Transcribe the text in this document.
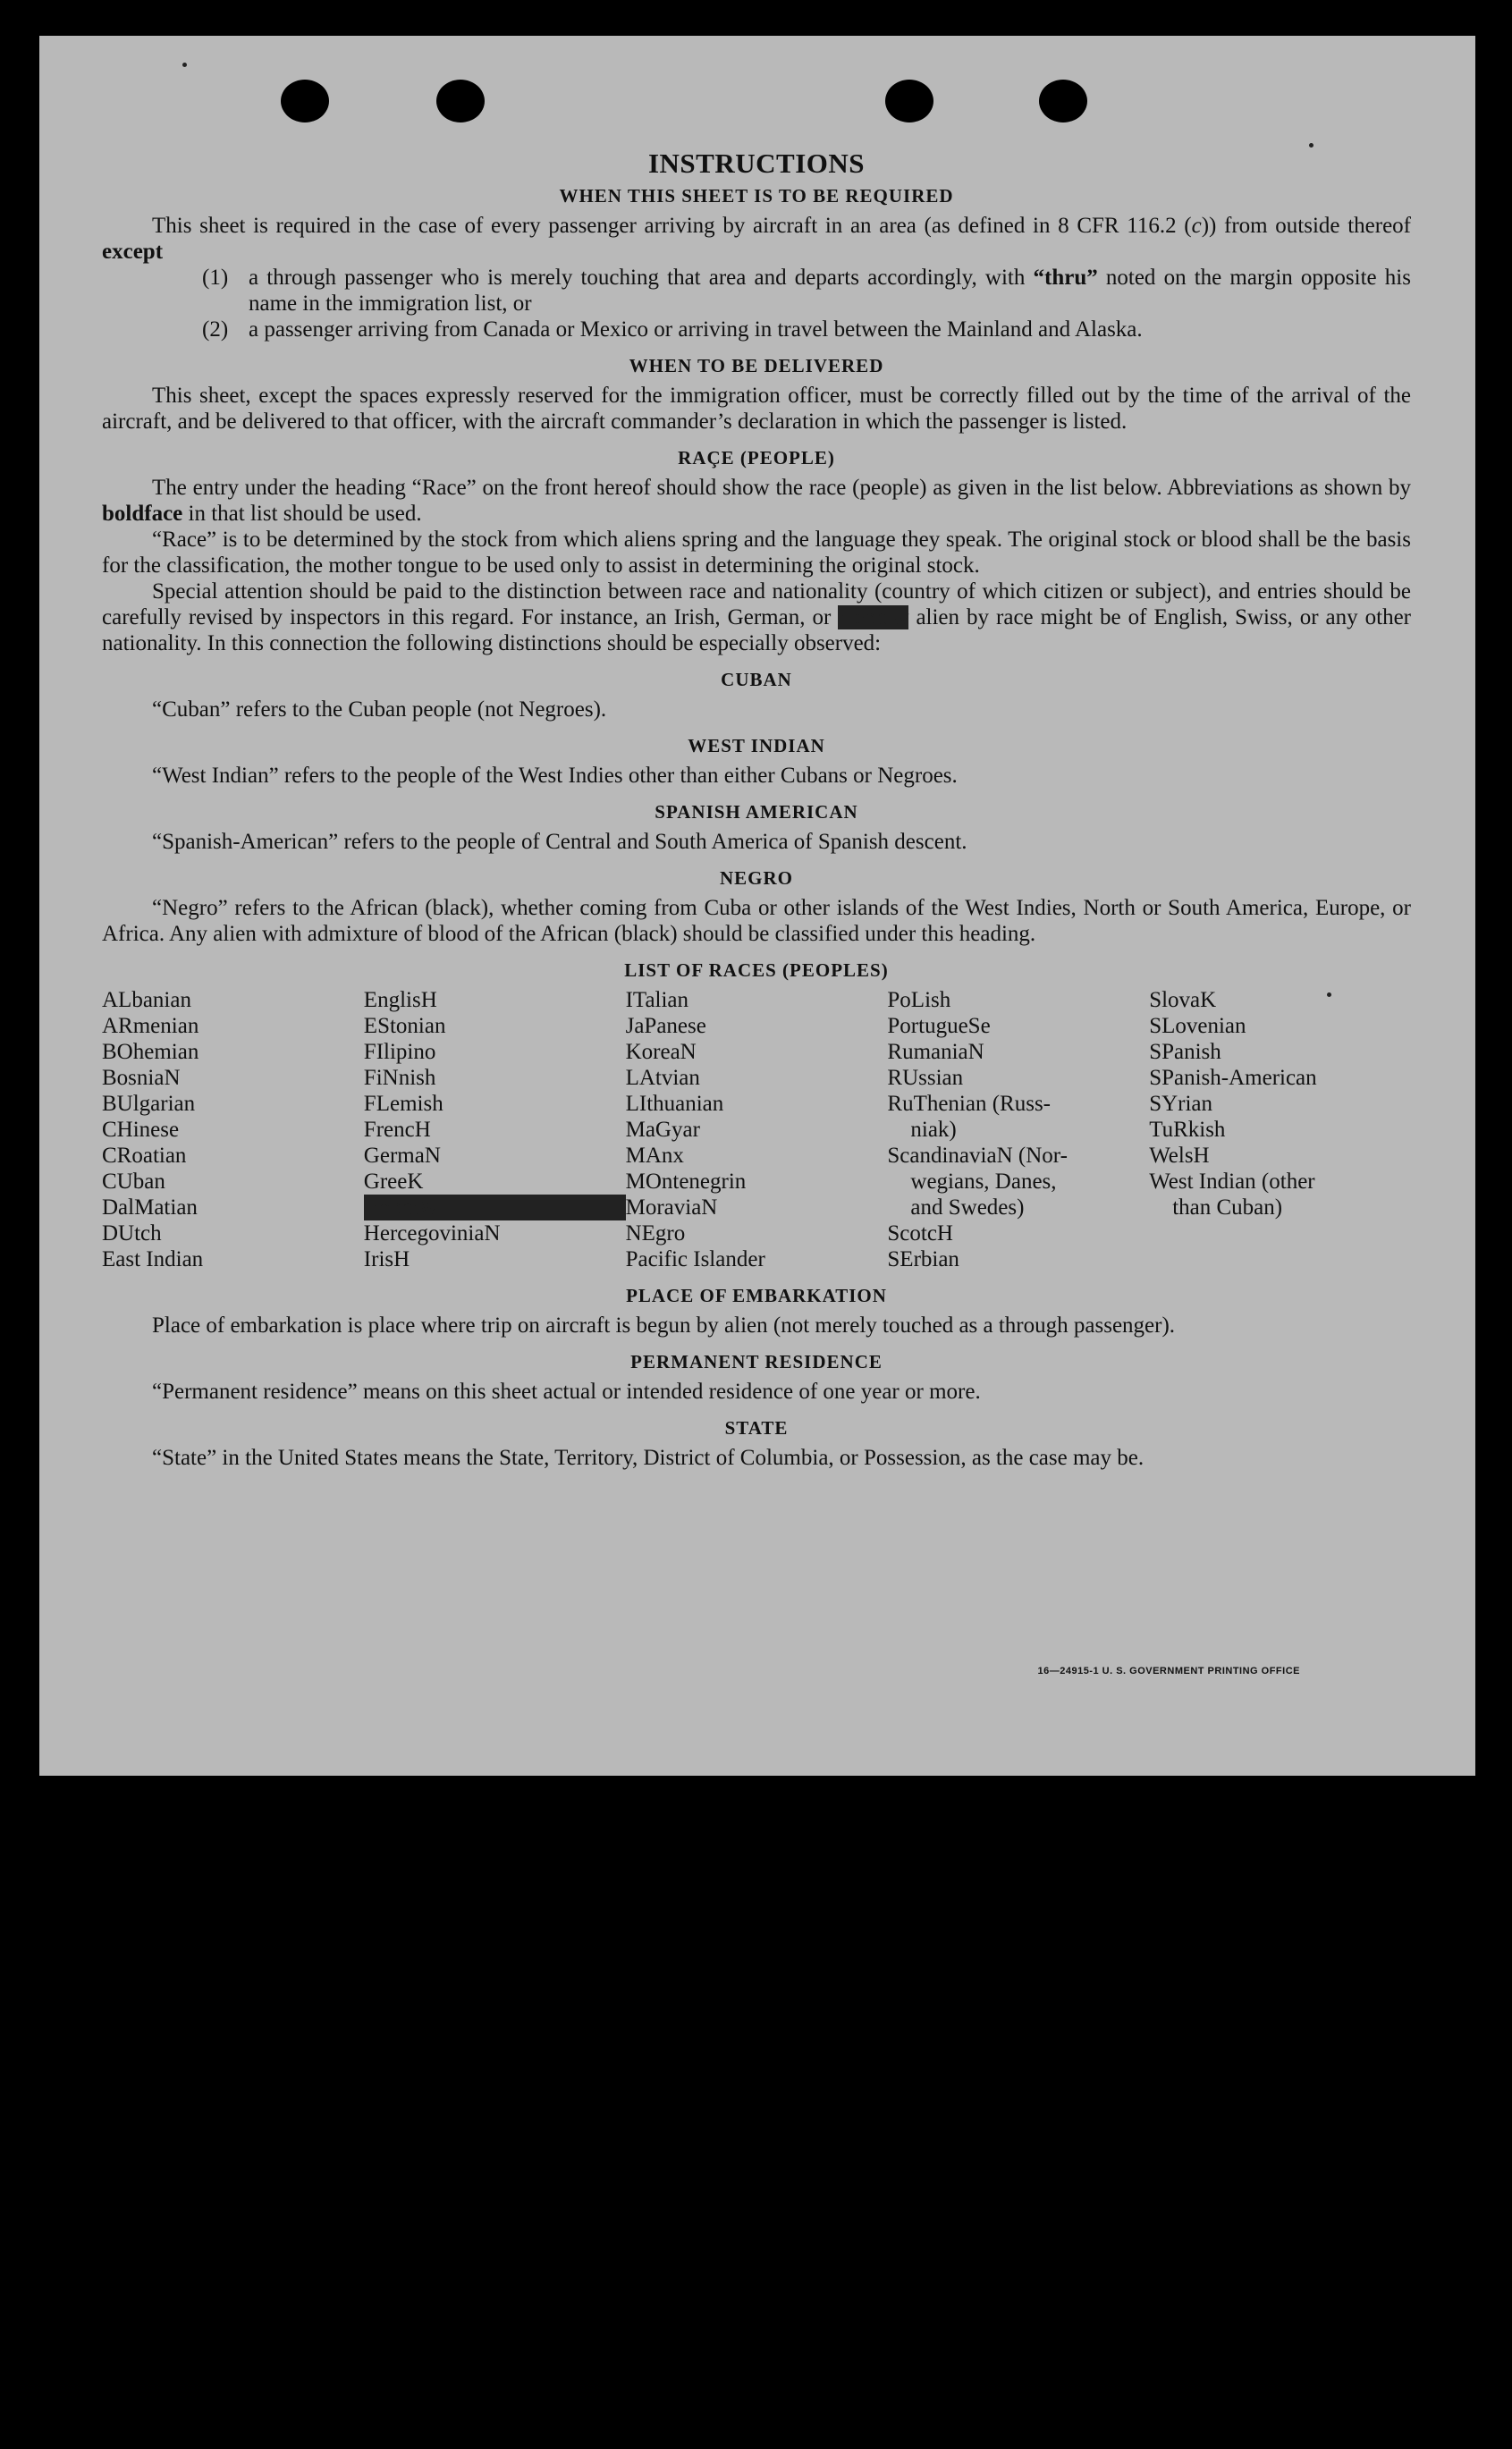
INSTRUCTIONS
WHEN THIS SHEET IS TO BE REQUIRED

This sheet is required in the case of every passenger arriving by aircraft in an area (as defined in 8 CFR 116.2 (c)) from outside thereof except

(1) a through passenger who is merely touching that area and departs accordingly, with “thru” noted on the margin opposite his name in the immigration list, or
(2) a passenger arriving from Canada or Mexico or arriving in travel between the Mainland and Alaska.
WHEN TO BE DELIVERED

This sheet, except the spaces expressly reserved for the immigration officer, must be correctly filled out by the time of the arrival of the aircraft, and be delivered to that officer, with the aircraft commander’s declaration in which the passenger is listed.

RAÇE (PEOPLE)

The entry under the heading “Race” on the front hereof should show the race (people) as given in the list below. Abbreviations as shown by boldface in that list should be used.

“Race” is to be determined by the stock from which aliens spring and the language they speak. The original stock or blood shall be the basis for the classification, the mother tongue to be used only to assist in determining the original stock.

Special attention should be paid to the distinction between race and nationality (country of which citizen or subject), and entries should be carefully revised by inspectors in this regard. For instance, an Irish, German, or Hebrew alien by race might be of English, Swiss, or any other nationality. In this connection the following distinctions should be especially observed:

CUBAN

“Cuban” refers to the Cuban people (not Negroes).

WEST INDIAN

“West Indian” refers to the people of the West Indies other than either Cubans or Negroes.

SPANISH AMERICAN

“Spanish-American” refers to the people of Central and South America of Spanish descent.

NEGRO

“Negro” refers to the African (black), whether coming from Cuba or other islands of the West Indies, North or South America, Europe, or Africa. Any alien with admixture of blood of the African (black) should be classified under this heading.

LIST OF RACES (PEOPLES)
ALbanian
ARmenian
BOhemian
BosniaN
BUlgarian
CHinese
CRoatian
CUban
DalMatian
DUtch
East Indian
EnglisH
EStonian
FIlipino
FiNnish
FLemish
FrencH
GermaN
GreeK
HebreW
HercegoviniaN
IrisH
ITalian
JaPanese
KoreaN
LAtvian
LIthuanian
MaGyar
MAnx
MOntenegrin
MoraviaN
NEgro
Pacific Islander
PoLish
PortugueSe
RumaniaN
RUssian
RuThenian (Russ-
niak)
ScandinaviaN (Nor-
wegians, Danes,
and Swedes)
ScotcH
SErbian
SlovaK
SLovenian
SPanish
SPanish-American
SYrian
TuRkish
WelsH
West Indian (other
than Cuban)
PLACE OF EMBARKATION

Place of embarkation is place where trip on aircraft is begun by alien (not merely touched as a through passenger).

PERMANENT RESIDENCE

“Permanent residence” means on this sheet actual or intended residence of one year or more.

STATE

“State” in the United States means the State, Territory, District of Columbia, or Possession, as the case may be.

16—24915-1 U. S. GOVERNMENT PRINTING OFFICE
